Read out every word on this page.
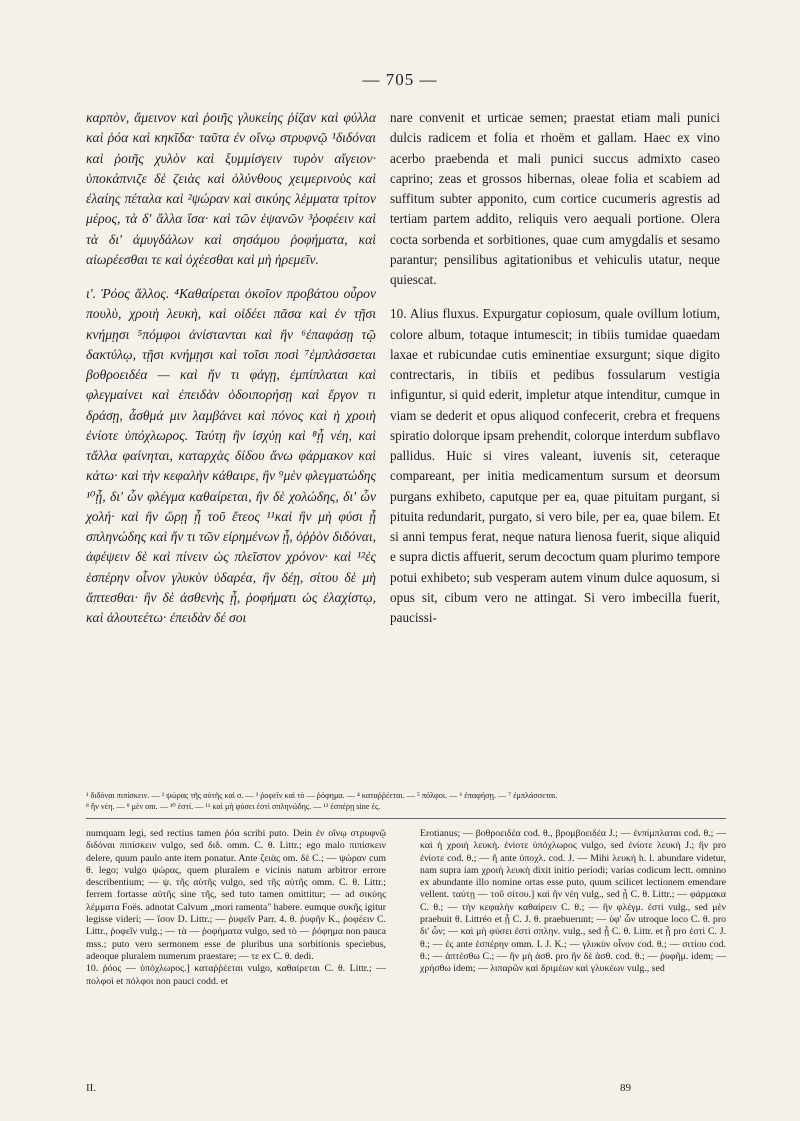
— 705 —

καρπὸν, ἄμεινον καὶ ῥοιῆς γλυκείης ῥίζαν καὶ φύλλα καὶ ῥόα καὶ κηκῖδα· ταῦτα ἐν οἴνῳ στρυφνῷ ¹διδόναι καὶ ῥοιῆς χυλὸν καὶ ξυμμίσγειν τυρὸν αἴγειον· ὑποκάπνιζε δὲ ζειὰς καὶ ὀλύνθους χειμερινοὺς καὶ ἐλαίης πέταλα καὶ ²ψώραν καὶ σικύης λέμματα τρίτον μέρος, τὰ δ' ἄλλα ἴσα· καὶ τῶν ἑψανῶν ³ῥοφέειν καὶ τὰ δι' ἀμυγδάλων καὶ σησάμου ῥοφήματα, καὶ αἰωρέεσθαι τε καὶ ὀχέεσθαι καὶ μὴ ἠρεμεῖν.

ι'. Ῥόος ἄλλος. ⁴Καθαίρεται ὁκοῖον προβάτου οὖρον πουλὺ, χροιὴ λευκὴ, καὶ οἰδέει πᾶσα καὶ ἐν τῇσι κνήμῃσι ⁵πόμφοι ἀνίστανται καὶ ἢν ⁶ἐπαφάσῃ τῷ δακτύλῳ, τῇσι κνήμῃσι καὶ τοῖσι ποσὶ ⁷ἐμπλάσσεται βοθροειδέα — καὶ ἤν τι φάγῃ, ἐμπίπλαται καὶ φλεγμαίνει καὶ ἐπειδὰν ὁδοιπορήσῃ καὶ ἔργον τι δράσῃ, ἆσθμά μιν λαμβάνει καὶ πόνος καὶ ἡ χροιὴ ἐνίοτε ὑπόχλωρος. Ταύτῃ ἢν ἰσχύῃ καὶ ⁸ᾖ νέη, καὶ τἄλλα φαίνηται, καταρχὰς δίδου ἄνω φάρμακον καὶ κάτω· καὶ τὴν κεφαλὴν κάθαιρε, ἢν ⁹μὲν φλεγματώδης ¹⁰ᾖ, δι' ὧν φλέγμα καθαίρεται, ἢν δὲ χολώδης, δι' ὧν χολή· καὶ ἢν ὥρῃ ᾖ τοῦ ἔτεος ¹¹καὶ ἢν μὴ φύσι ᾖ σπληνώδης καὶ ἤν τι τῶν εἰρημένων ᾖ, ὀῤῥὸν διδόναι, ἀφέψειν δὲ καὶ πίνειν ὡς πλεῖστον χρόνον· καὶ ¹²ἐς ἑσπέρην οἶνον γλυκὺν ὑδαρέα, ἢν δέῃ, σίτου δὲ μὴ ἅπτεσθαι· ἢν δὲ ἀσθενὴς ᾖ, ῥοφήματι ὡς ἐλαχίστῳ, καὶ ἀλουτεέτω· ἐπειδὰν δέ σοι

nare convenit et urticae semen; praestat etiam mali punici dulcis radicem et folia et rhoëm et gallam. Haec ex vino acerbo praebenda et mali punici succus admixto caseo caprino; zeas et grossos hibernas, oleae folia et scabiem ad suffitum subter apponito, cum cortice cucumeris agrestis ad tertiam partem addito, reliquis vero aequali portione. Olera cocta sorbenda et sorbitiones, quae cum amygdalis et sesamo parantur; pensilibus agitationibus et vehiculis utatur, neque quiescat.

10. Alius fluxus. Expurgatur copiosum, quale ovillum lotium, colore album, totaque intumescit; in tibiis tumidae quaedam laxae et rubicundae cutis eminentiae exsurgunt; sique digito contrectaris, in tibiis et pedibus fossularum vestigia infiguntur, si quid ederit, impletur atque intenditur, cumque in viam se dederit et opus aliquod confecerit, crebra et frequens spiratio dolorque ipsam prehendit, colorque interdum subflavo pallidus. Huic si vires valeant, iuvenis sit, ceteraque compareant, per initia medicamentum sursum et deorsum purgans exhibeto, caputque per ea, quae pituitam purgant, si pituita redundarit, purgato, si vero bile, per ea, quae bilem. Et si anni tempus ferat, neque natura lienosa fuerit, sique aliquid e supra dictis affuerit, serum decoctum quam plurimo tempore potui exhibeto; sub vesperam autem vinum dulce aquosum, si opus sit, cibum vero ne attingat. Si vero imbecilla fuerit, paucissi-

¹ διδόναι πιπίσκειν. — ² ψώρας τῆς αὐτῆς καὶ σ. — ³ ῥοφεῖν καὶ τὸ — ῥόφημα. — ⁴ καταῤῥέεται. — ⁵ πόλφοι. — ⁶ ἐπαφήσῃ. — ⁷ ἐμπλάσσεται.
⁸ ἢν νέη. — ⁹ μὲν om. — ¹⁰ ἐστί. — ¹¹ καὶ μὴ φύσει ἐστὶ σπληνώδης. — ¹² ἑσπέρῃ sine ἐς.
numquam legi, sed rectius tamen ῥόα scribi puto. Dein ἐν οἴνῳ στρυφνῷ διδόναι πιπίσκειν vulgo, sed διδ. omm. C. θ. Littr.; ego malo πιπίσκειν delere, quum paulo ante item ponatur. Ante ζειὰς om. δὲ C.; — ψώραν cum θ. lego; vulgo ψώρας, quem pluralem e vicinis natum arbitror errore describentium; — ψ. τῆς αὐτῆς vulgo, sed τῆς αὐτῆς omm. C. θ. Littr.; ferrem fortasse αὐτῆς sine τῆς, sed tuto tamen omittitur; — ad σικύης λέμματα Foës. adnotat Calvum „mori ramenta" habere. eumque συκῆς igitur legisse videri; — ἴσον D. Littr.; — ῥυφεῖν Parr. 4. θ. ῥυφῆν K., ῥοφέειν C. Littr., ῥοφεῖν vulg.; — τὰ — ῥοφήματα vulgo, sed τὸ — ῥόφημα non pauca mss.; puto vero sermonem esse de pluribus una sorbitionis speciebus, adeoque pluralem numerum praestare; — τε ex C. θ. dedi.
10. ῥόος — ὑπόχλωρος.] καταῤῥέεται vulgo, καθαίρεται C. θ. Littr.; — πολφοὶ et πόλφοι non pauci codd. et
Erotianus; — βοθροειδέα cod. θ., βρομβοειδέα J.; — ἐνπίμπλαται cod. θ.; — καὶ ἡ χροιὴ λευκὴ. ἐνίοτε ὑπόχλωρος vulgo, sed ἐνίοτε λευκὴ J.; ἢν pro ἐνίοτε cod. θ.; — ἢ ante ὑποχλ. cod. J. — Mihi λευκὴ h. l. abundare videtur, nam supra iam χροιὴ λευκὴ dixit initio periodi; varias codicum lectt. omnino ex abundante illo nomine ortas esse puto, quum scilicet lectionem emendare vellent. ταύτῃ — τοῦ σίτου.] καὶ ἢν νέη vulg., sed ᾖ C. θ. Littr.; — φάρμακα C. θ.; — τὴν κεφαλὴν καθαίρειν C. θ.; — ἢν φλέγμ. ἐστὶ vulg., sed μὲν praebuit θ. Littréo et ᾖ C. J. θ. praebuerunt; — ὑφ' ὧν utroque loco C. θ. pro δι' ὧν; — καὶ μὴ φύσει ἐστὶ σπλην. vulg., sed ᾖ C. θ. Littr. et ᾖ pro ἐστὶ C. J. θ.; — ἐς ante ἑσπέρην omm. I. J. K.; — γλυκὺν οἶνον cod. θ.; — σιτίου cod. θ.; — ἁπτέσθω C.; — ἢν μὴ ἀσθ. pro ἢν δὲ ἀσθ. cod. θ.; — ῥυφῆμ. idem; — χρήσθω idem; — λιπαρῶν καὶ δριμέων καὶ γλυκέων vulg., sed
II.	89
